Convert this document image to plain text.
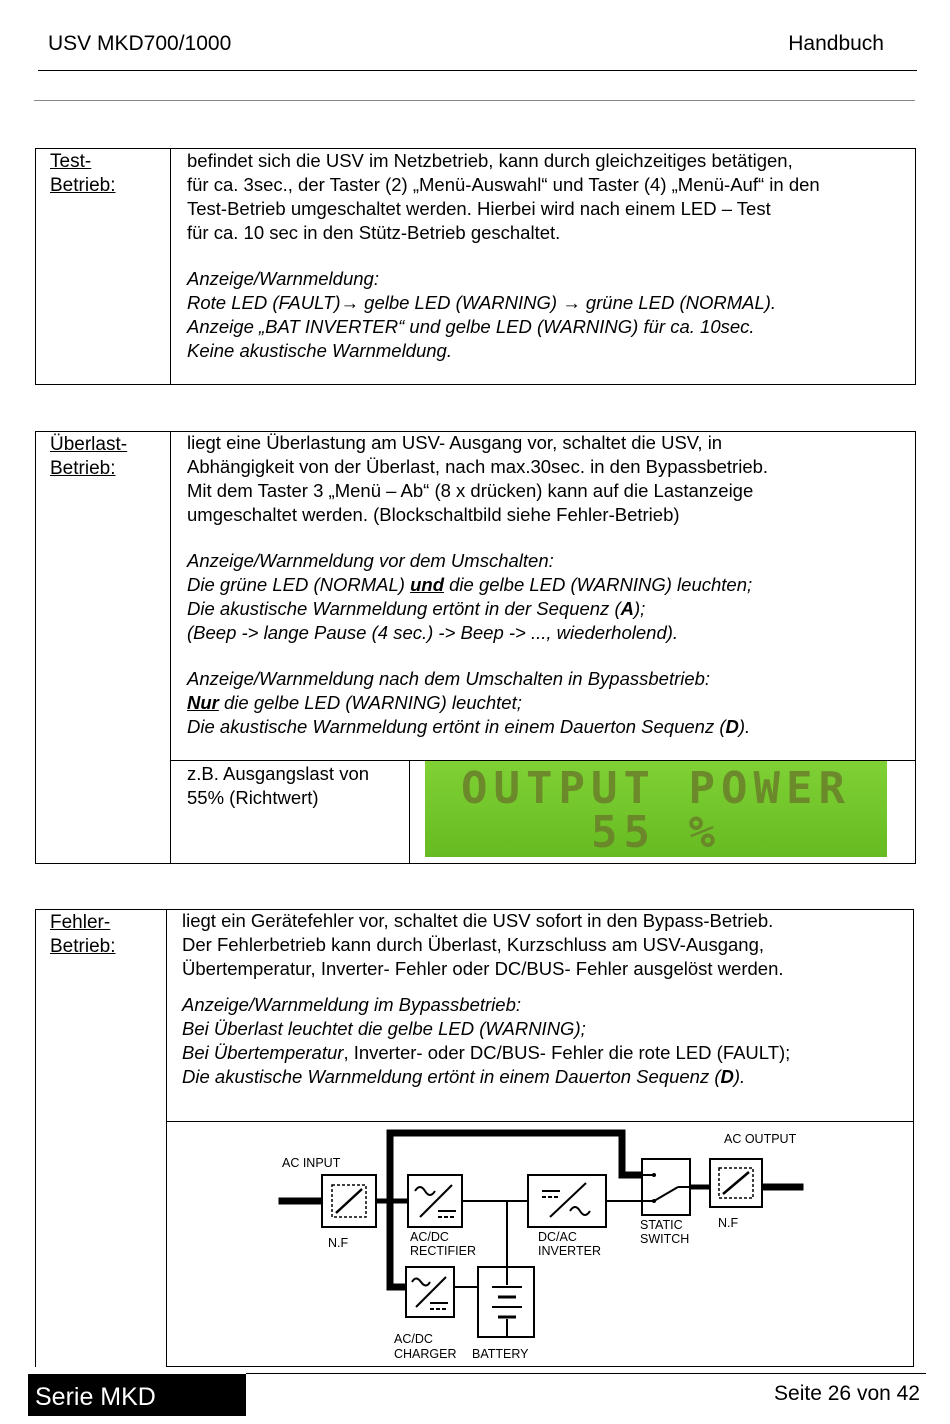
USV MKD700/1000	Handbuch
Test-
Betrieb:
befindet sich die USV im Netzbetrieb, kann durch gleichzeitiges betätigen,
für ca. 3sec., der Taster (2) „Menü-Auswahl“ und Taster (4) „Menü-Auf“ in den
Test-Betrieb umgeschaltet werden. Hierbei wird nach einem LED – Test
für ca. 10 sec in den Stütz-Betrieb geschaltet.
Anzeige/Warnmeldung:
Rote LED (FAULT)→ gelbe LED (WARNING) → grüne LED (NORMAL).
Anzeige „BAT INVERTER“ und gelbe LED (WARNING) für ca. 10sec.
Keine akustische Warnmeldung.
Überlast-
Betrieb:
liegt eine Überlastung am USV- Ausgang vor, schaltet die USV, in
Abhängigkeit von der Überlast, nach max.30sec. in den Bypassbetrieb.
Mit dem Taster 3 „Menü – Ab“ (8 x drücken) kann auf die Lastanzeige
umgeschaltet werden. (Blockschaltbild siehe Fehler-Betrieb)
Anzeige/Warnmeldung vor dem Umschalten:
Die grüne LED (NORMAL) und die gelbe LED (WARNING) leuchten;
Die akustische Warnmeldung ertönt in der Sequenz (A);
(Beep -> lange Pause (4 sec.) -> Beep -> ..., wiederholend).
Anzeige/Warnmeldung nach dem Umschalten in Bypassbetrieb:
Nur die gelbe LED (WARNING) leuchtet;
Die akustische Warnmeldung ertönt in einem Dauerton Sequenz (D).
z.B. Ausgangslast von
55% (Richtwert)	OUTPUT POWER
55 %
Fehler-
Betrieb:
liegt ein Gerätefehler vor, schaltet die USV sofort in den Bypass-Betrieb.
Der Fehlerbetrieb kann durch Überlast, Kurzschluss am USV-Ausgang,
Übertemperatur, Inverter- Fehler oder DC/BUS- Fehler ausgelöst werden.
Anzeige/Warnmeldung im Bypassbetrieb:
Bei Überlast leuchtet die gelbe LED (WARNING);
Bei Übertemperatur, Inverter- oder DC/BUS- Fehler die rote LED (FAULT);
Die akustische Warnmeldung ertönt in einem Dauerton Sequenz (D).
AC INPUT
AC OUTPUT
N.F
N.F
AC/DC
RECTIFIER
DC/AC
INVERTER
STATIC
SWITCH
AC/DC
CHARGER BATTERY
Serie MKD	Seite 26 von 42
